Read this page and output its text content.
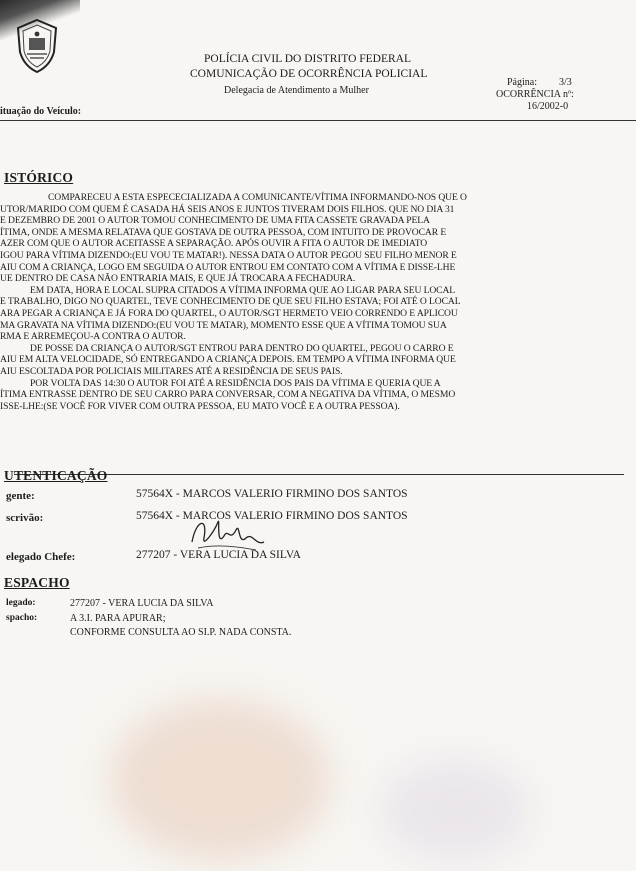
POLÍCIA CIVIL DO DISTRITO FEDERAL
COMUNICAÇÃO DE OCORRÊNCIA POLICIAL
Delegacia de Atendimento a Mulher
Página: 3/3
OCORRÊNCIA nº:
16/2002-0
ituação do Veículo:
ISTÓRICO
COMPARECEU A ESTA ESPECECIALIZADA A COMUNICANTE/VÍTIMA INFORMANDO-NOS QUE O
UTOR/MARIDO COM QUEM É CASADA HÁ SEIS ANOS E JUNTOS TIVERAM DOIS FILHOS. QUE NO DIA 31
E DEZEMBRO DE 2001 O AUTOR TOMOU CONHECIMENTO DE UMA FITA CASSETE GRAVADA PELA
ÍTIMA, ONDE A MESMA RELATAVA QUE GOSTAVA DE OUTRA PESSOA, COM INTUITO DE PROVOCAR E
AZER COM QUE O AUTOR ACEITASSE A SEPARAÇÃO. APÓS OUVIR A FITA O AUTOR DE IMEDIATO
IGOU PARA VÍTIMA DIZENDO:(EU VOU TE MATAR!). NESSA DATA O AUTOR PEGOU SEU FILHO MENOR E
AIU COM A CRIANÇA, LOGO EM SEGUIDA O AUTOR ENTROU EM CONTATO COM A VÍTIMA E DISSE-LHE
UE DENTRO DE CASA NÃO ENTRARIA MAIS, E QUE JÁ TROCARA A FECHADURA.
EM DATA, HORA E LOCAL SUPRA CITADOS A VÍTIMA INFORMA QUE AO LIGAR PARA SEU LOCAL
E TRABALHO, DIGO NO QUARTEL, TEVE CONHECIMENTO DE QUE SEU FILHO ESTAVA; FOI ATÉ O LOCAL
ARA PEGAR A CRIANÇA E JÁ FORA DO QUARTEL, O AUTOR/SGT HERMETO VEIO CORRENDO E APLICOU
MA GRAVATA NA VÍTIMA DIZENDO:(EU VOU TE MATAR), MOMENTO ESSE QUE A VÍTIMA TOMOU SUA
RMA E ARREMEÇOU-A CONTRA O AUTOR.
DE POSSE DA CRIANÇA O AUTOR/SGT ENTROU PARA DENTRO DO QUARTEL, PEGOU O CARRO E
AIU EM ALTA VELOCIDADE, SÓ ENTREGANDO A CRIANÇA DEPOIS. EM TEMPO A VÍTIMA INFORMA QUE
AIU ESCOLTADA POR POLICIAIS MILITARES ATÉ A RESIDÊNCIA DE SEUS PAIS.
POR VOLTA DAS 14:30 O AUTOR FOI ATÉ A RESIDÊNCIA DOS PAIS DA VÍTIMA E QUERIA QUE A
ÍTIMA ENTRASSE DENTRO DE SEU CARRO PARA CONVERSAR, COM A NEGATIVA DA VÍTIMA, O MESMO
ISSE-LHE:(SE VOCÊ FOR VIVER COM OUTRA PESSOA, EU MATO VOCÊ E A OUTRA PESSOA).
UTENTICAÇÃO
gente:	57564X - MARCOS VALERIO FIRMINO DOS SANTOS
scrivão:	57564X - MARCOS VALERIO FIRMINO DOS SANTOS
elegado Chefe:	277207 - VERA LUCIA DA SILVA
ESPACHO
legado:	277207 - VERA LUCIA DA SILVA
spacho:	A 3.I. PARA APURAR;
CONFORME CONSULTA AO SI.P. NADA CONSTA.
